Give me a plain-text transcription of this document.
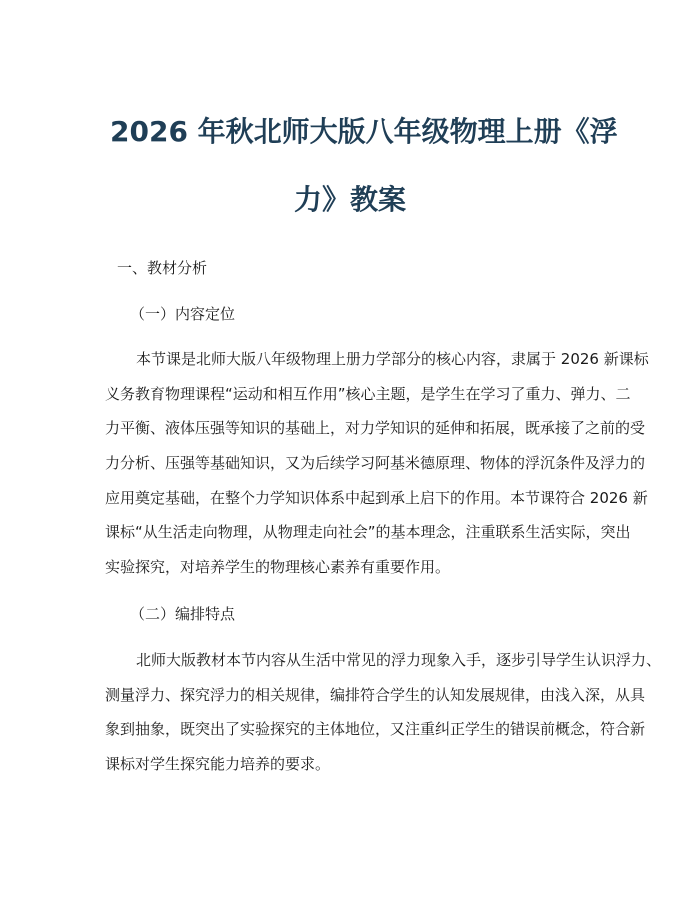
2026 年秋北师大版八年级物理上册《浮
力》教案
一、教材分析
（一）内容定位
本节课是北师大版八年级物理上册力学部分的核心内容，隶属于 2026 新课标
义务教育物理课程“运动和相互作用”核心主题，是学生在学习了重力、弹力、二
力平衡、液体压强等知识的基础上，对力学知识的延伸和拓展，既承接了之前的受
力分析、压强等基础知识，又为后续学习阿基米德原理、物体的浮沉条件及浮力的
应用奠定基础，在整个力学知识体系中起到承上启下的作用。本节课符合 2026 新
课标“从生活走向物理，从物理走向社会”的基本理念，注重联系生活实际，突出
实验探究，对培养学生的物理核心素养有重要作用。
（二）编排特点
北师大版教材本节内容从生活中常见的浮力现象入手，逐步引导学生认识浮力、
测量浮力、探究浮力的相关规律，编排符合学生的认知发展规律，由浅入深，从具
象到抽象，既突出了实验探究的主体地位，又注重纠正学生的错误前概念，符合新
课标对学生探究能力培养的要求。
